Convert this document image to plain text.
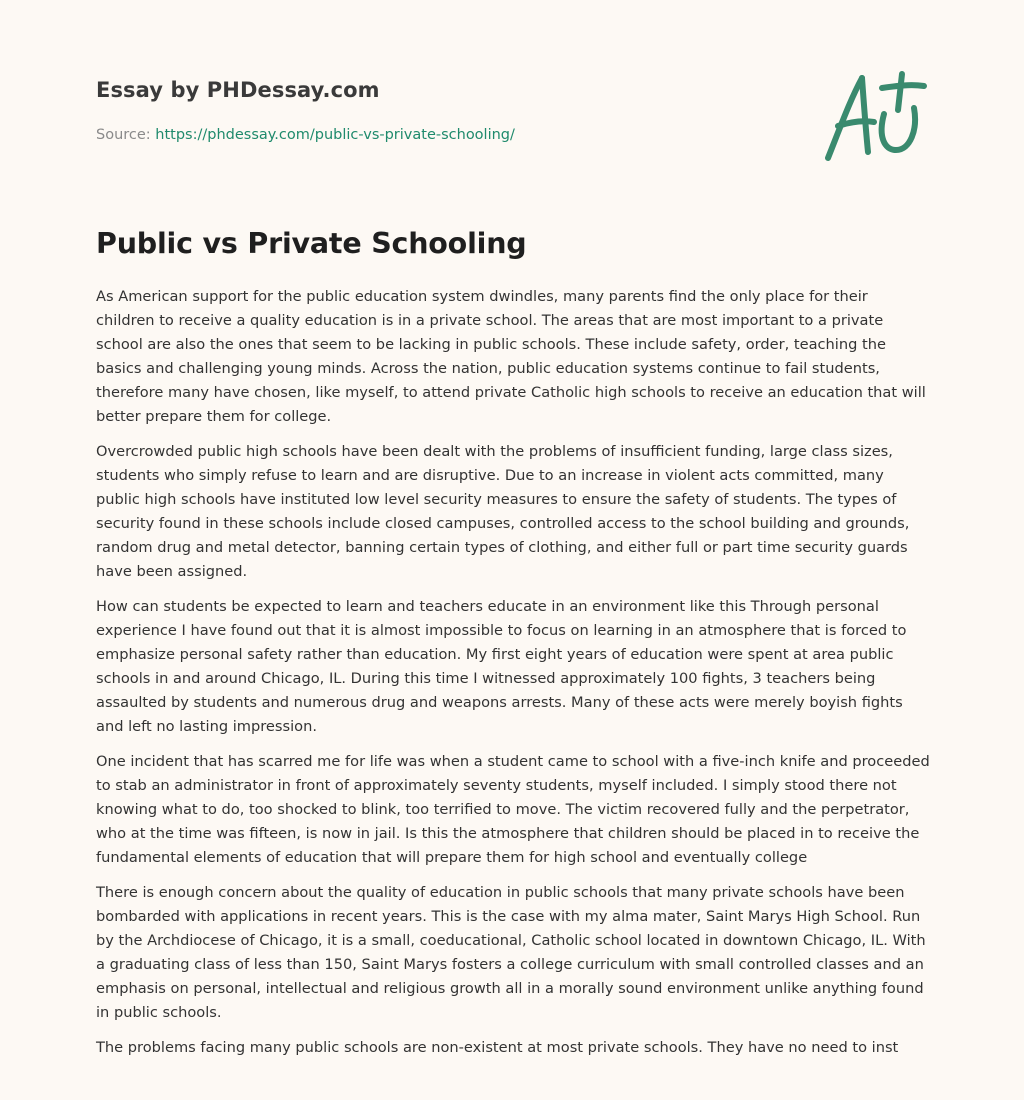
Essay by PHDessay.com
Source: https://phdessay.com/public-vs-private-schooling/
Public vs Private Schooling

As American support for the public education system dwindles, many parents find the only place for their children to receive a quality education is in a private school. The areas that are most important to a private school are also the ones that seem to be lacking in public schools. These include safety, order, teaching the basics and challenging young minds. Across the nation, public education systems continue to fail students, therefore many have chosen, like myself, to attend private Catholic high schools to receive an education that will better prepare them for college.

Overcrowded public high schools have been dealt with the problems of insufficient funding, large class sizes, students who simply refuse to learn and are disruptive. Due to an increase in violent acts committed, many public high schools have instituted low level security measures to ensure the safety of students. The types of security found in these schools include closed campuses, controlled access to the school building and grounds, random drug and metal detector, banning certain types of clothing, and either full or part time security guards have been assigned.

How can students be expected to learn and teachers educate in an environment like this Through personal experience I have found out that it is almost impossible to focus on learning in an atmosphere that is forced to emphasize personal safety rather than education. My first eight years of education were spent at area public schools in and around Chicago, IL. During this time I witnessed approximately 100 fights, 3 teachers being assaulted by students and numerous drug and weapons arrests. Many of these acts were merely boyish fights and left no lasting impression.

One incident that has scarred me for life was when a student came to school with a five-inch knife and proceeded to stab an administrator in front of approximately seventy students, myself included. I simply stood there not knowing what to do, too shocked to blink, too terrified to move. The victim recovered fully and the perpetrator, who at the time was fifteen, is now in jail. Is this the atmosphere that children should be placed in to receive the fundamental elements of education that will prepare them for high school and eventually college

There is enough concern about the quality of education in public schools that many private schools have been bombarded with applications in recent years. This is the case with my alma mater, Saint Marys High School. Run by the Archdiocese of Chicago, it is a small, coeducational, Catholic school located in downtown Chicago, IL. With a graduating class of less than 150, Saint Marys fosters a college curriculum with small controlled classes and an emphasis on personal, intellectual and religious growth all in a morally sound environment unlike anything found in public schools.

The problems facing many public schools are non-existent at most private schools. They have no need to inst
